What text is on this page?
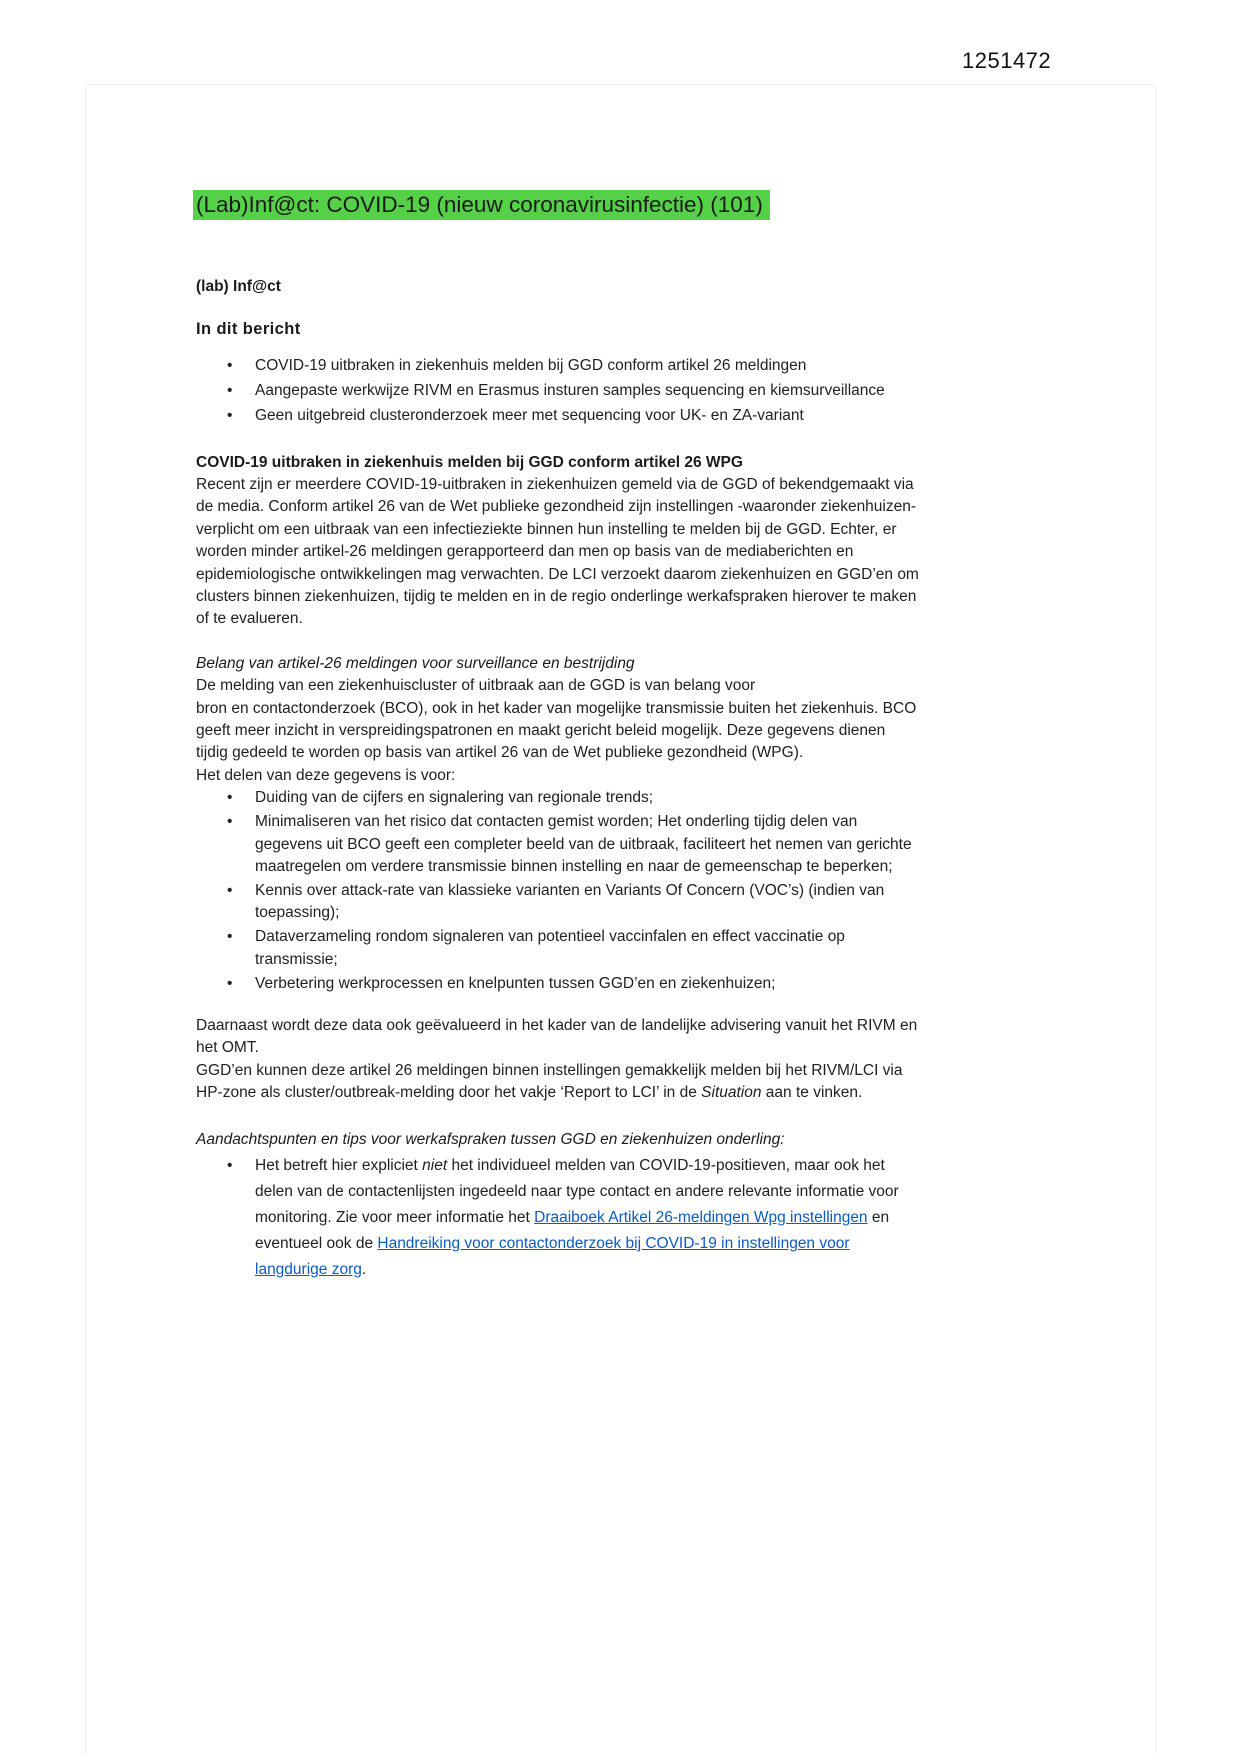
1251472
(Lab)Inf@ct: COVID-19 (nieuw coronavirusinfectie) (101)

(lab) Inf@ct

In dit bericht
• COVID-19 uitbraken in ziekenhuis melden bij GGD conform artikel 26 meldingen
• Aangepaste werkwijze RIVM en Erasmus insturen samples sequencing en kiemsurveillance
• Geen uitgebreid clusteronderzoek meer met sequencing voor UK- en ZA-variant
COVID-19 uitbraken in ziekenhuis melden bij GGD conform artikel 26 WPG

Recent zijn er meerdere COVID-19-uitbraken in ziekenhuizen gemeld via de GGD of bekendgemaakt via de media. Conform artikel 26 van de Wet publieke gezondheid zijn instellingen -waaronder ziekenhuizen- verplicht om een uitbraak van een infectieziekte binnen hun instelling te melden bij de GGD. Echter, er worden minder artikel-26 meldingen gerapporteerd dan men op basis van de mediaberichten en epidemiologische ontwikkelingen mag verwachten. De LCI verzoekt daarom ziekenhuizen en GGD’en om clusters binnen ziekenhuizen, tijdig te melden en in de regio onderlinge werkafspraken hierover te maken of te evalueren.

Belang van artikel-26 meldingen voor surveillance en bestrijding

De melding van een ziekenhuiscluster of uitbraak aan de GGD is van belang voor
bron en contactonderzoek (BCO), ook in het kader van mogelijke transmissie buiten het ziekenhuis. BCO geeft meer inzicht in verspreidingspatronen en maakt gericht beleid mogelijk. Deze gegevens dienen tijdig gedeeld te worden op basis van artikel 26 van de Wet publieke gezondheid (WPG).
Het delen van deze gegevens is voor:

• Duiding van de cijfers en signalering van regionale trends;
• Minimaliseren van het risico dat contacten gemist worden; Het onderling tijdig delen van gegevens uit BCO geeft een completer beeld van de uitbraak, faciliteert het nemen van gerichte maatregelen om verdere transmissie binnen instelling en naar de gemeenschap te beperken;
• Kennis over attack-rate van klassieke varianten en Variants Of Concern (VOC’s) (indien van toepassing);
• Dataverzameling rondom signaleren van potentieel vaccinfalen en effect vaccinatie op transmissie;
• Verbetering werkprocessen en knelpunten tussen GGD’en en ziekenhuizen;

Daarnaast wordt deze data ook geëvalueerd in het kader van de landelijke advisering vanuit het RIVM en het OMT.
GGD’en kunnen deze artikel 26 meldingen binnen instellingen gemakkelijk melden bij het RIVM/LCI via HP-zone als cluster/outbreak-melding door het vakje ‘Report to LCI’ in de Situation aan te vinken.

Aandachtspunten en tips voor werkafspraken tussen GGD en ziekenhuizen onderling:
• Het betreft hier expliciet niet het individueel melden van COVID-19-positieven, maar ook het delen van de contactenlijsten ingedeeld naar type contact en andere relevante informatie voor monitoring. Zie voor meer informatie het Draaiboek Artikel 26-meldingen Wpg instellingen en eventueel ook de Handreiking voor contactonderzoek bij COVID-19 in instellingen voor langdurige zorg.
